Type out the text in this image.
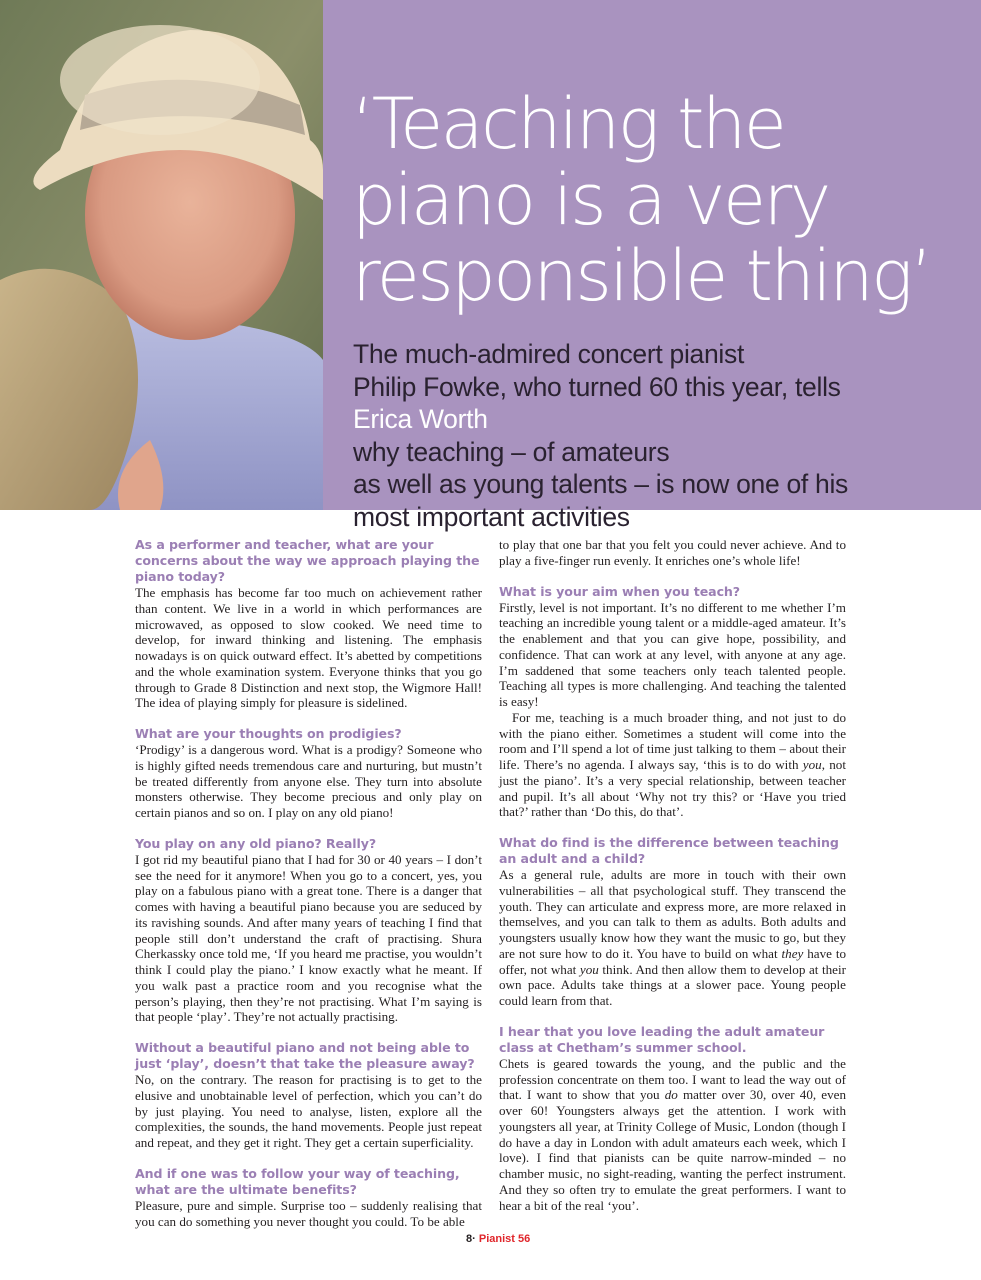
‘Teaching the
piano is a very
responsible thing’

The much-admired concert pianist
Philip Fowke, who turned 60 this year, tells
Erica Worth
why teaching – of amateurs
as well as young talents – is now one of his
most important activities

As a performer and teacher, what are your concerns about the way we approach playing the piano today?

The emphasis has become far too much on achievement rather than content. We live in a world in which performances are microwaved, as opposed to slow cooked. We need time to develop, for inward thinking and listening. The emphasis nowadays is on quick outward effect. It’s abetted by competitions and the whole examination system. Everyone thinks that you go through to Grade 8 Distinction and next stop, the Wigmore Hall! The idea of playing simply for pleasure is sidelined.

What are your thoughts on prodigies?

‘Prodigy’ is a dangerous word. What is a prodigy? Someone who is highly gifted needs tremendous care and nurturing, but mustn’t be treated differently from anyone else. They turn into absolute monsters otherwise. They become precious and only play on certain pianos and so on. I play on any old piano!

You play on any old piano? Really?

I got rid my beautiful piano that I had for 30 or 40 years – I don’t see the need for it anymore! When you go to a concert, yes, you play on a fabulous piano with a great tone. There is a danger that comes with having a beautiful piano because you are seduced by its ravishing sounds. And after many years of teaching I find that people still don’t understand the craft of practising. Shura Cherkassky once told me, ‘If you heard me practise, you wouldn’t think I could play the piano.’ I know exactly what he meant. If you walk past a practice room and you recognise what the person’s playing, then they’re not practising. What I’m saying is that people ‘play’. They’re not actually practising.

Without a beautiful piano and not being able to just ‘play’, doesn’t that take the pleasure away?

No, on the contrary. The reason for practising is to get to the elusive and unobtainable level of perfection, which you can’t do by just playing. You need to analyse, listen, explore all the complexities, the sounds, the hand movements. People just repeat and repeat, and they get it right. They get a certain superficiality.

And if one was to follow your way of teaching, what are the ultimate benefits?

Pleasure, pure and simple. Surprise too – suddenly realising that you can do something you never thought you could. To be able

to play that one bar that you felt you could never achieve. And to play a five-finger run evenly. It enriches one’s whole life!

What is your aim when you teach?

Firstly, level is not important. It’s no different to me whether I’m teaching an incredible young talent or a middle-aged amateur. It’s the enablement and that you can give hope, possibility, and confidence. That can work at any level, with anyone at any age. I’m saddened that some teachers only teach talented people. Teaching all types is more challenging. And teaching the talented is easy!

For me, teaching is a much broader thing, and not just to do with the piano either. Sometimes a student will come into the room and I’ll spend a lot of time just talking to them – about their life. There’s no agenda. I always say, ‘this is to do with you, not just the piano’. It’s a very special relationship, between teacher and pupil. It’s all about ‘Why not try this? or ‘Have you tried that?’ rather than ‘Do this, do that’.

What do find is the difference between teaching an adult and a child?

As a general rule, adults are more in touch with their own vulnerabilities – all that psychological stuff. They transcend the youth. They can articulate and express more, are more relaxed in themselves, and you can talk to them as adults. Both adults and youngsters usually know how they want the music to go, but they are not sure how to do it. You have to build on what they have to offer, not what you think. And then allow them to develop at their own pace. Adults take things at a slower pace. Young people could learn from that.

I hear that you love leading the adult amateur class at Chetham’s summer school.

Chets is geared towards the young, and the public and the profession concentrate on them too. I want to lead the way out of that. I want to show that you do matter over 30, over 40, even over 60! Youngsters always get the attention. I work with youngsters all year, at Trinity College of Music, London (though I do have a day in London with adult amateurs each week, which I love). I find that pianists can be quite narrow-minded – no chamber music, no sight-reading, wanting the perfect instrument. And they so often try to emulate the great performers. I want to hear a bit of the real ‘you’.

8· Pianist 56
